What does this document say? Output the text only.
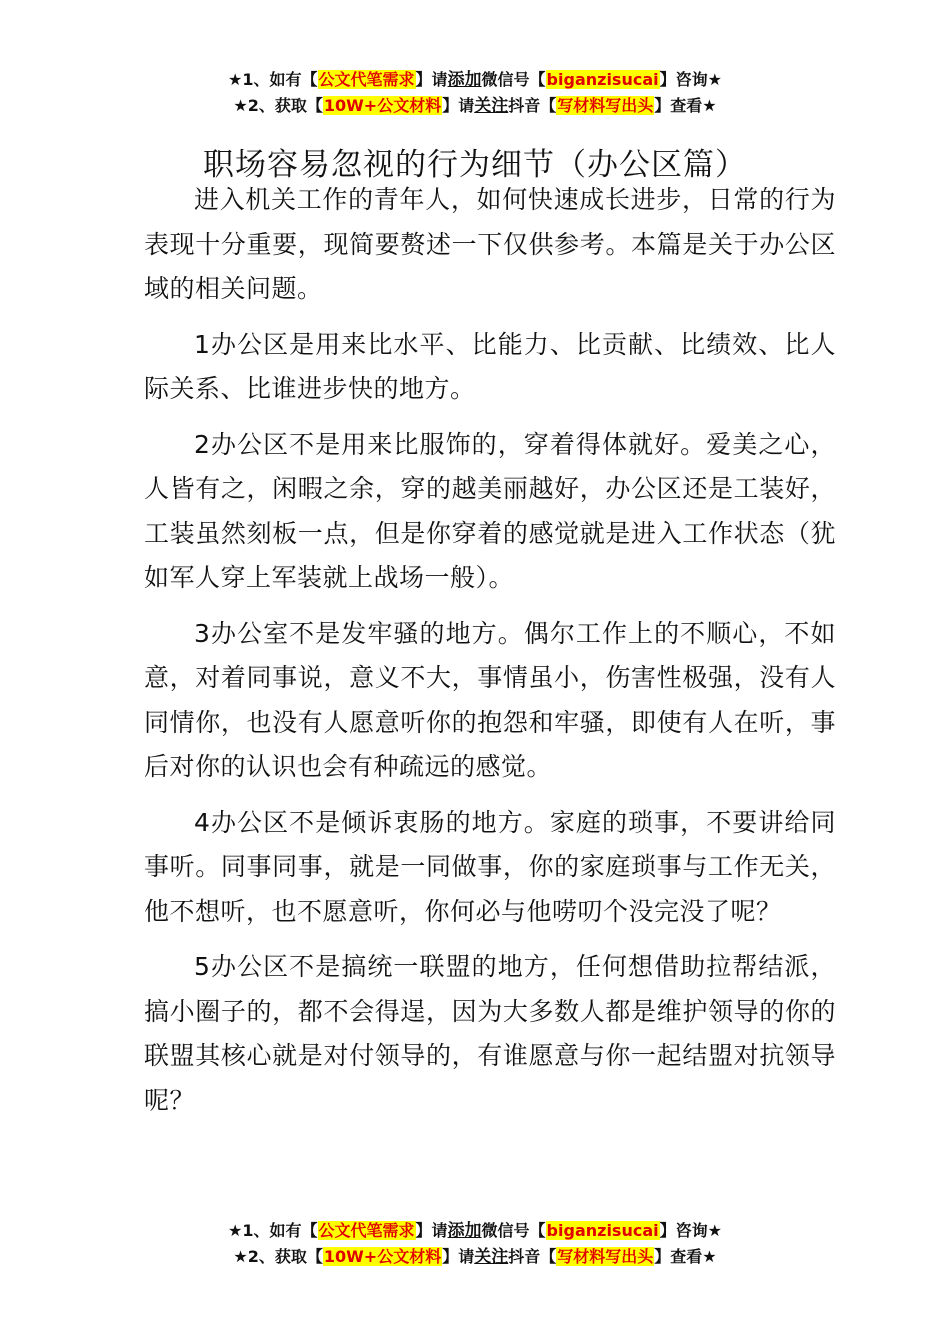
★1、如有【公文代笔需求】请添加微信号【biganzisucai】咨询★
★2、获取【10W+公文材料】请关注抖音【写材料写出头】查看★
职场容易忽视的行为细节（办公区篇）

进入机关工作的青年人，如何快速成长进步，日常的行为表现十分重要，现简要赘述一下仅供参考。本篇是关于办公区域的相关问题。

1办公区是用来比水平、比能力、比贡献、比绩效、比人际关系、比谁进步快的地方。

2办公区不是用来比服饰的，穿着得体就好。爱美之心，人皆有之，闲暇之余，穿的越美丽越好，办公区还是工装好，工装虽然刻板一点，但是你穿着的感觉就是进入工作状态（犹如军人穿上军装就上战场一般）。

3办公室不是发牢骚的地方。偶尔工作上的不顺心，不如意，对着同事说，意义不大，事情虽小，伤害性极强，没有人同情你，也没有人愿意听你的抱怨和牢骚，即使有人在听，事后对你的认识也会有种疏远的感觉。

4办公区不是倾诉衷肠的地方。家庭的琐事，不要讲给同事听。同事同事，就是一同做事，你的家庭琐事与工作无关，他不想听，也不愿意听，你何必与他唠叨个没完没了呢？

5办公区不是搞统一联盟的地方，任何想借助拉帮结派，搞小圈子的，都不会得逞，因为大多数人都是维护领导的你的联盟其核心就是对付领导的，有谁愿意与你一起结盟对抗领导呢？

★1、如有【公文代笔需求】请添加微信号【biganzisucai】咨询★
★2、获取【10W+公文材料】请关注抖音【写材料写出头】查看★
